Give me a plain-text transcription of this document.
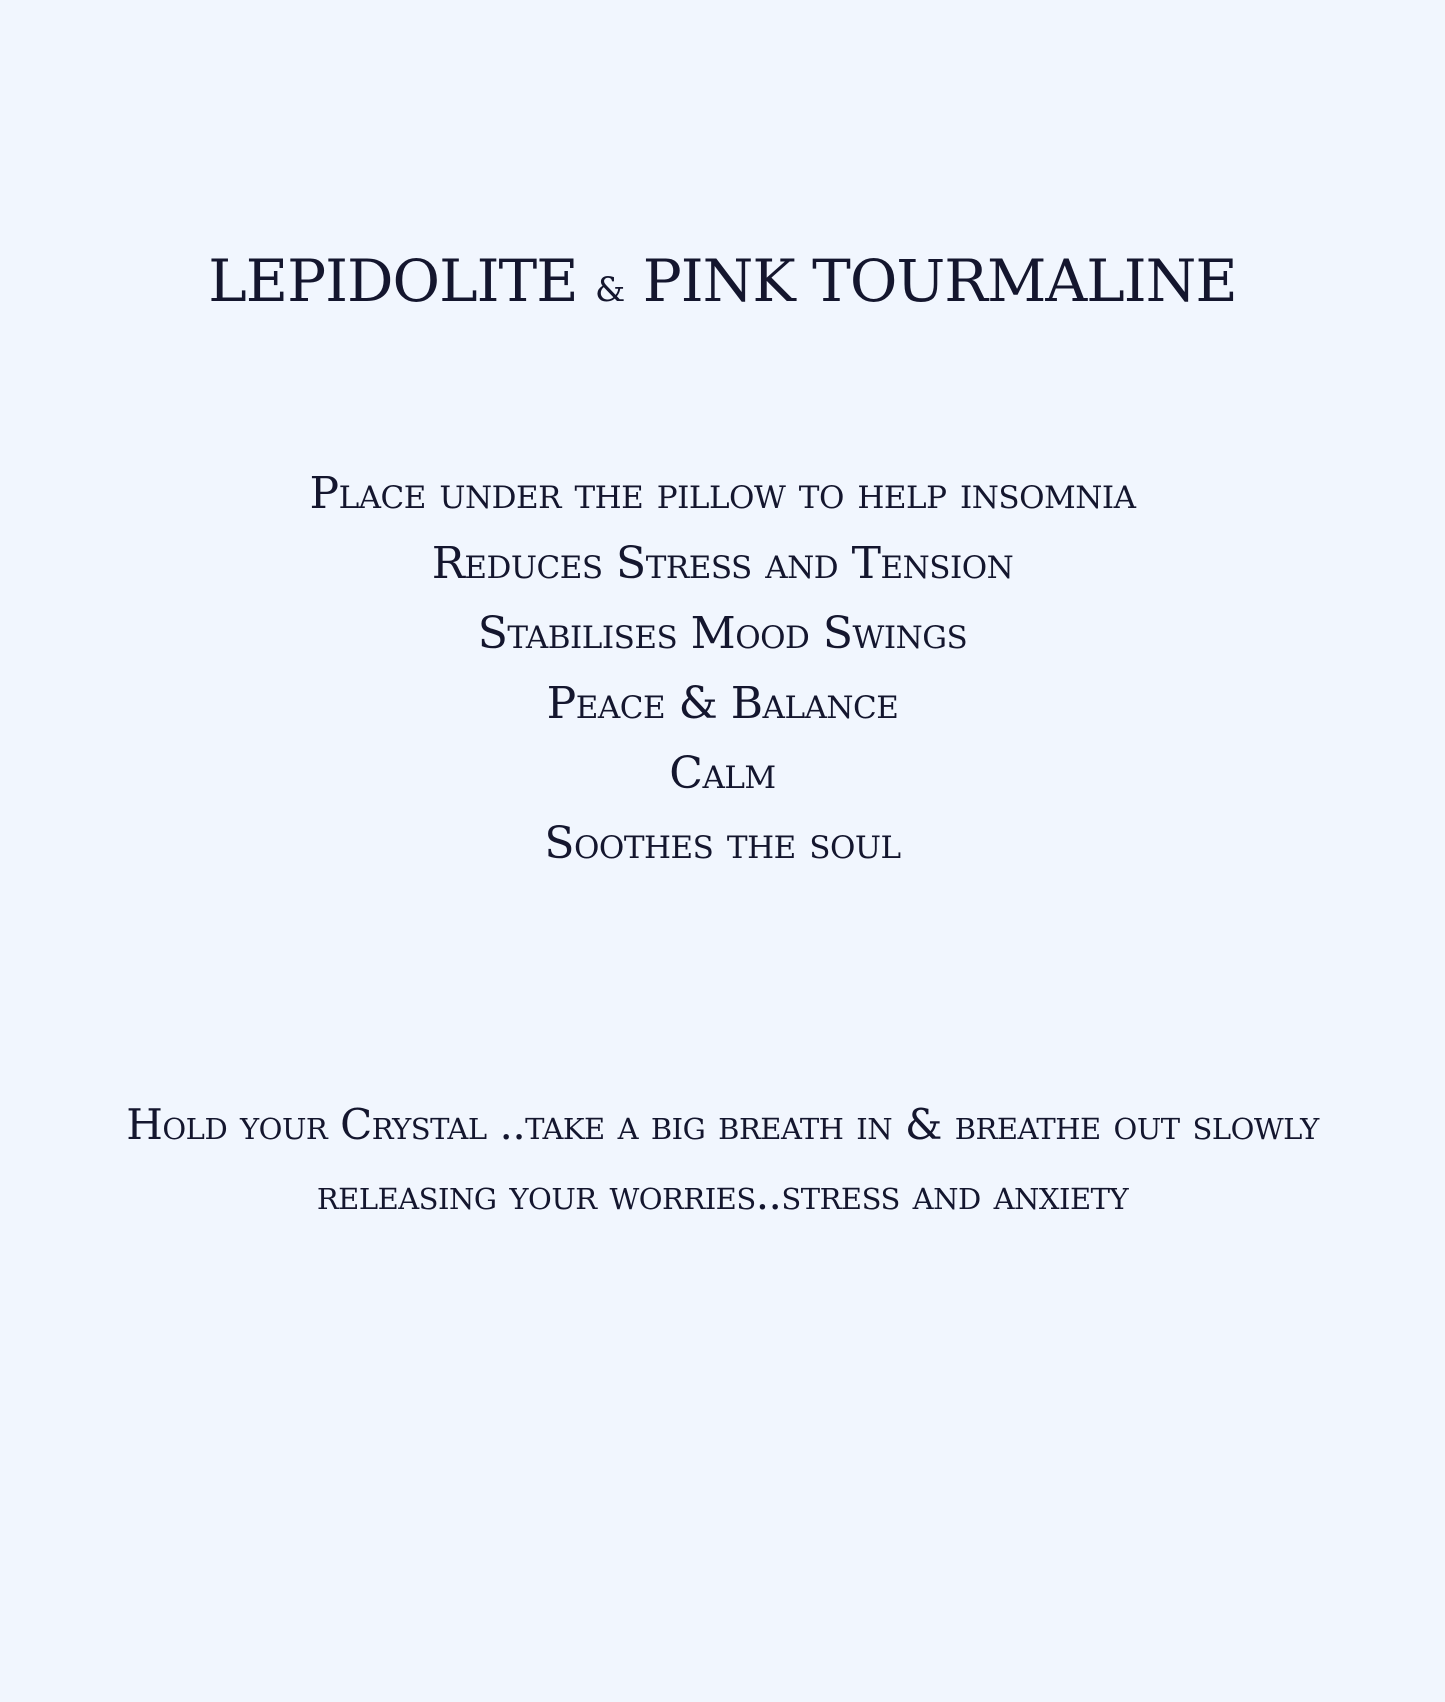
LEPIDOLITE & PINK TOURMALINE
Place under the pillow to help insomnia
Reduces Stress and Tension
Stabilises Mood Swings
Peace & Balance
Calm
Soothes the soul

Hold your Crystal ..take a big breath in & breathe out slowly releasing your worries..stress and anxiety
